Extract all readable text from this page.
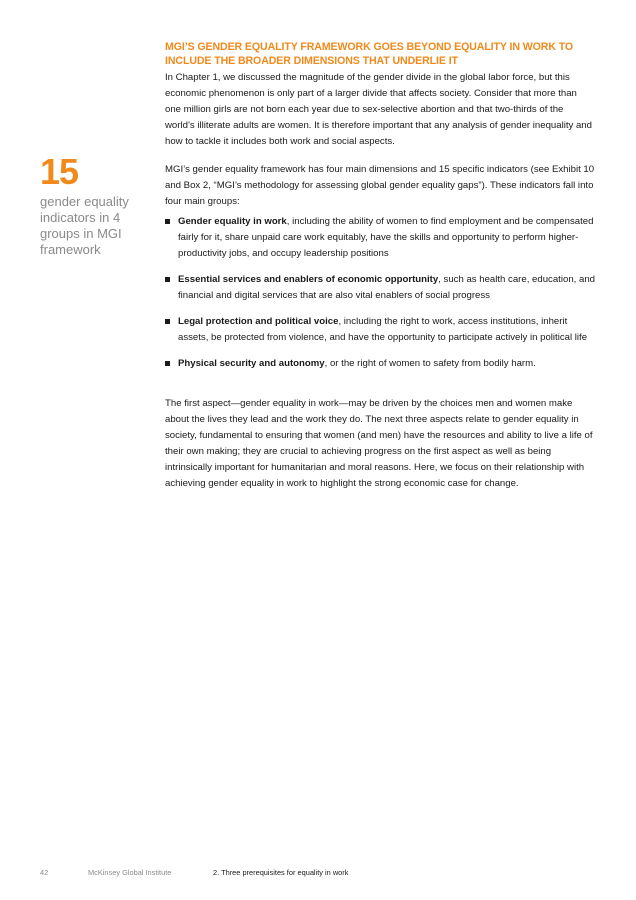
MGI’S GENDER EQUALITY FRAMEWORK GOES BEYOND EQUALITY IN WORK TO INCLUDE THE BROADER DIMENSIONS THAT UNDERLIE IT

In Chapter 1, we discussed the magnitude of the gender divide in the global labor force, but this economic phenomenon is only part of a larger divide that affects society. Consider that more than one million girls are not born each year due to sex-selective abortion and that two-thirds of the world’s illiterate adults are women. It is therefore important that any analysis of gender inequality and how to tackle it includes both work and social aspects.

15
gender equality indicators in 4 groups in MGI framework

MGI’s gender equality framework has four main dimensions and 15 specific indicators (see Exhibit 10 and Box 2, “MGI’s methodology for assessing global gender equality gaps”). These indicators fall into four main groups:

Gender equality in work, including the ability of women to find employment and be compensated fairly for it, share unpaid care work equitably, have the skills and opportunity to perform higher-productivity jobs, and occupy leadership positions
Essential services and enablers of economic opportunity, such as health care, education, and financial and digital services that are also vital enablers of social progress
Legal protection and political voice, including the right to work, access institutions, inherit assets, be protected from violence, and have the opportunity to participate actively in political life
Physical security and autonomy, or the right of women to safety from bodily harm.

The first aspect—gender equality in work—may be driven by the choices men and women make about the lives they lead and the work they do. The next three aspects relate to gender equality in society, fundamental to ensuring that women (and men) have the resources and ability to live a life of their own making; they are crucial to achieving progress on the first aspect as well as being intrinsically important for humanitarian and moral reasons. Here, we focus on their relationship with achieving gender equality in work to highlight the strong economic case for change.

42	McKinsey Global Institute	2. Three prerequisites for equality in work
